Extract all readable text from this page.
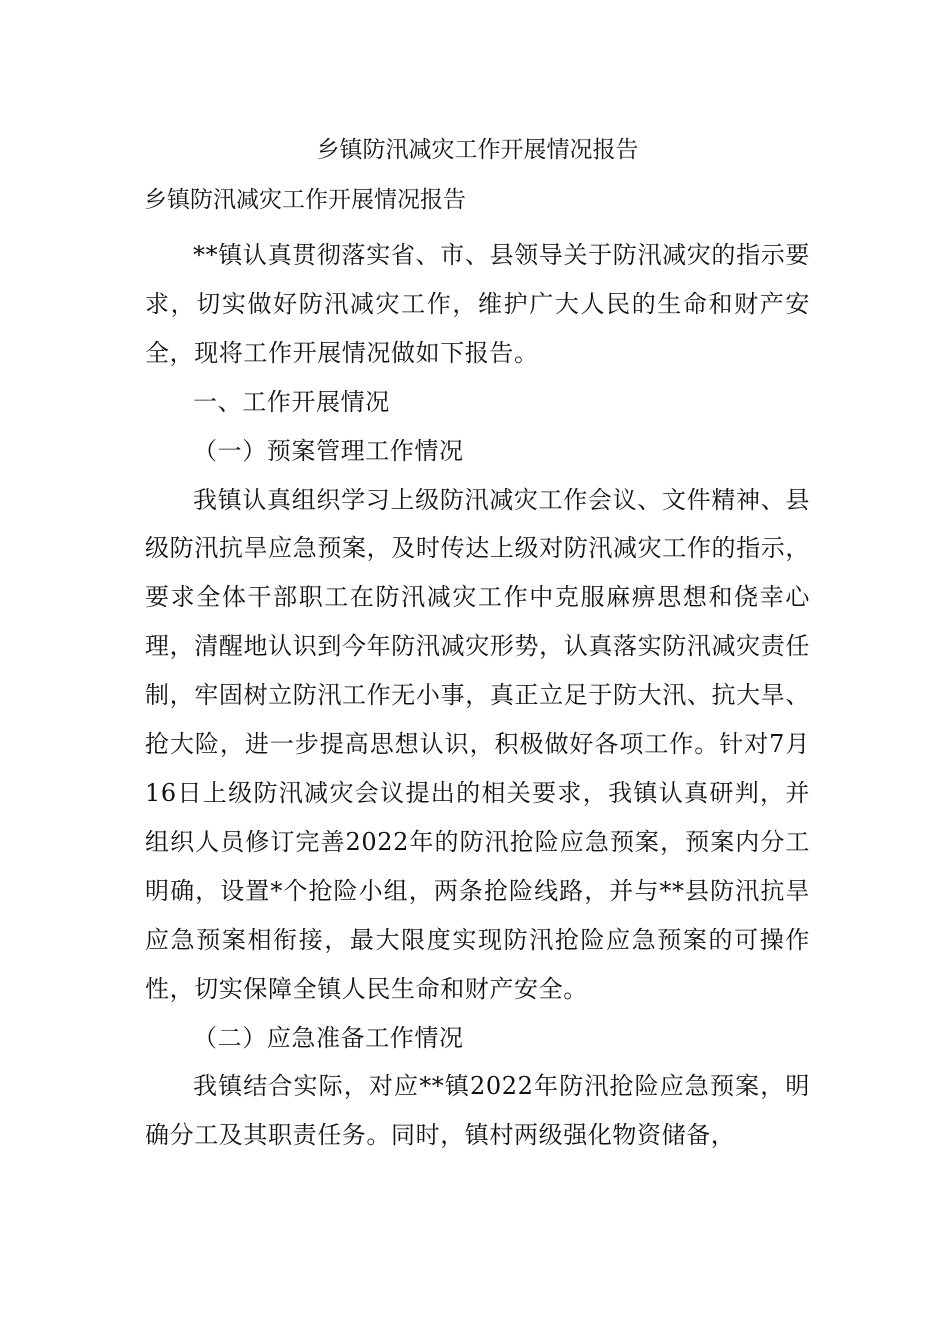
乡镇防汛减灾工作开展情况报告
乡镇防汛减灾工作开展情况报告

**镇认真贯彻落实省、市、县领导关于防汛减灾的指示要求，切实做好防汛减灾工作，维护广大人民的生命和财产安全，现将工作开展情况做如下报告。

一、工作开展情况

（一）预案管理工作情况

我镇认真组织学习上级防汛减灾工作会议、文件精神、县级防汛抗旱应急预案，及时传达上级对防汛减灾工作的指示，要求全体干部职工在防汛减灾工作中克服麻痹思想和侥幸心理，清醒地认识到今年防汛减灾形势，认真落实防汛减灾责任制，牢固树立防汛工作无小事，真正立足于防大汛、抗大旱、抢大险，进一步提高思想认识，积极做好各项工作。针对7月16日上级防汛减灾会议提出的相关要求，我镇认真研判，并组织人员修订完善2022年的防汛抢险应急预案，预案内分工明确，设置*个抢险小组，两条抢险线路，并与**县防汛抗旱应急预案相衔接，最大限度实现防汛抢险应急预案的可操作性，切实保障全镇人民生命和财产安全。

（二）应急准备工作情况

我镇结合实际，对应**镇2022年防汛抢险应急预案，明确分工及其职责任务。同时，镇村两级强化物资储备，
